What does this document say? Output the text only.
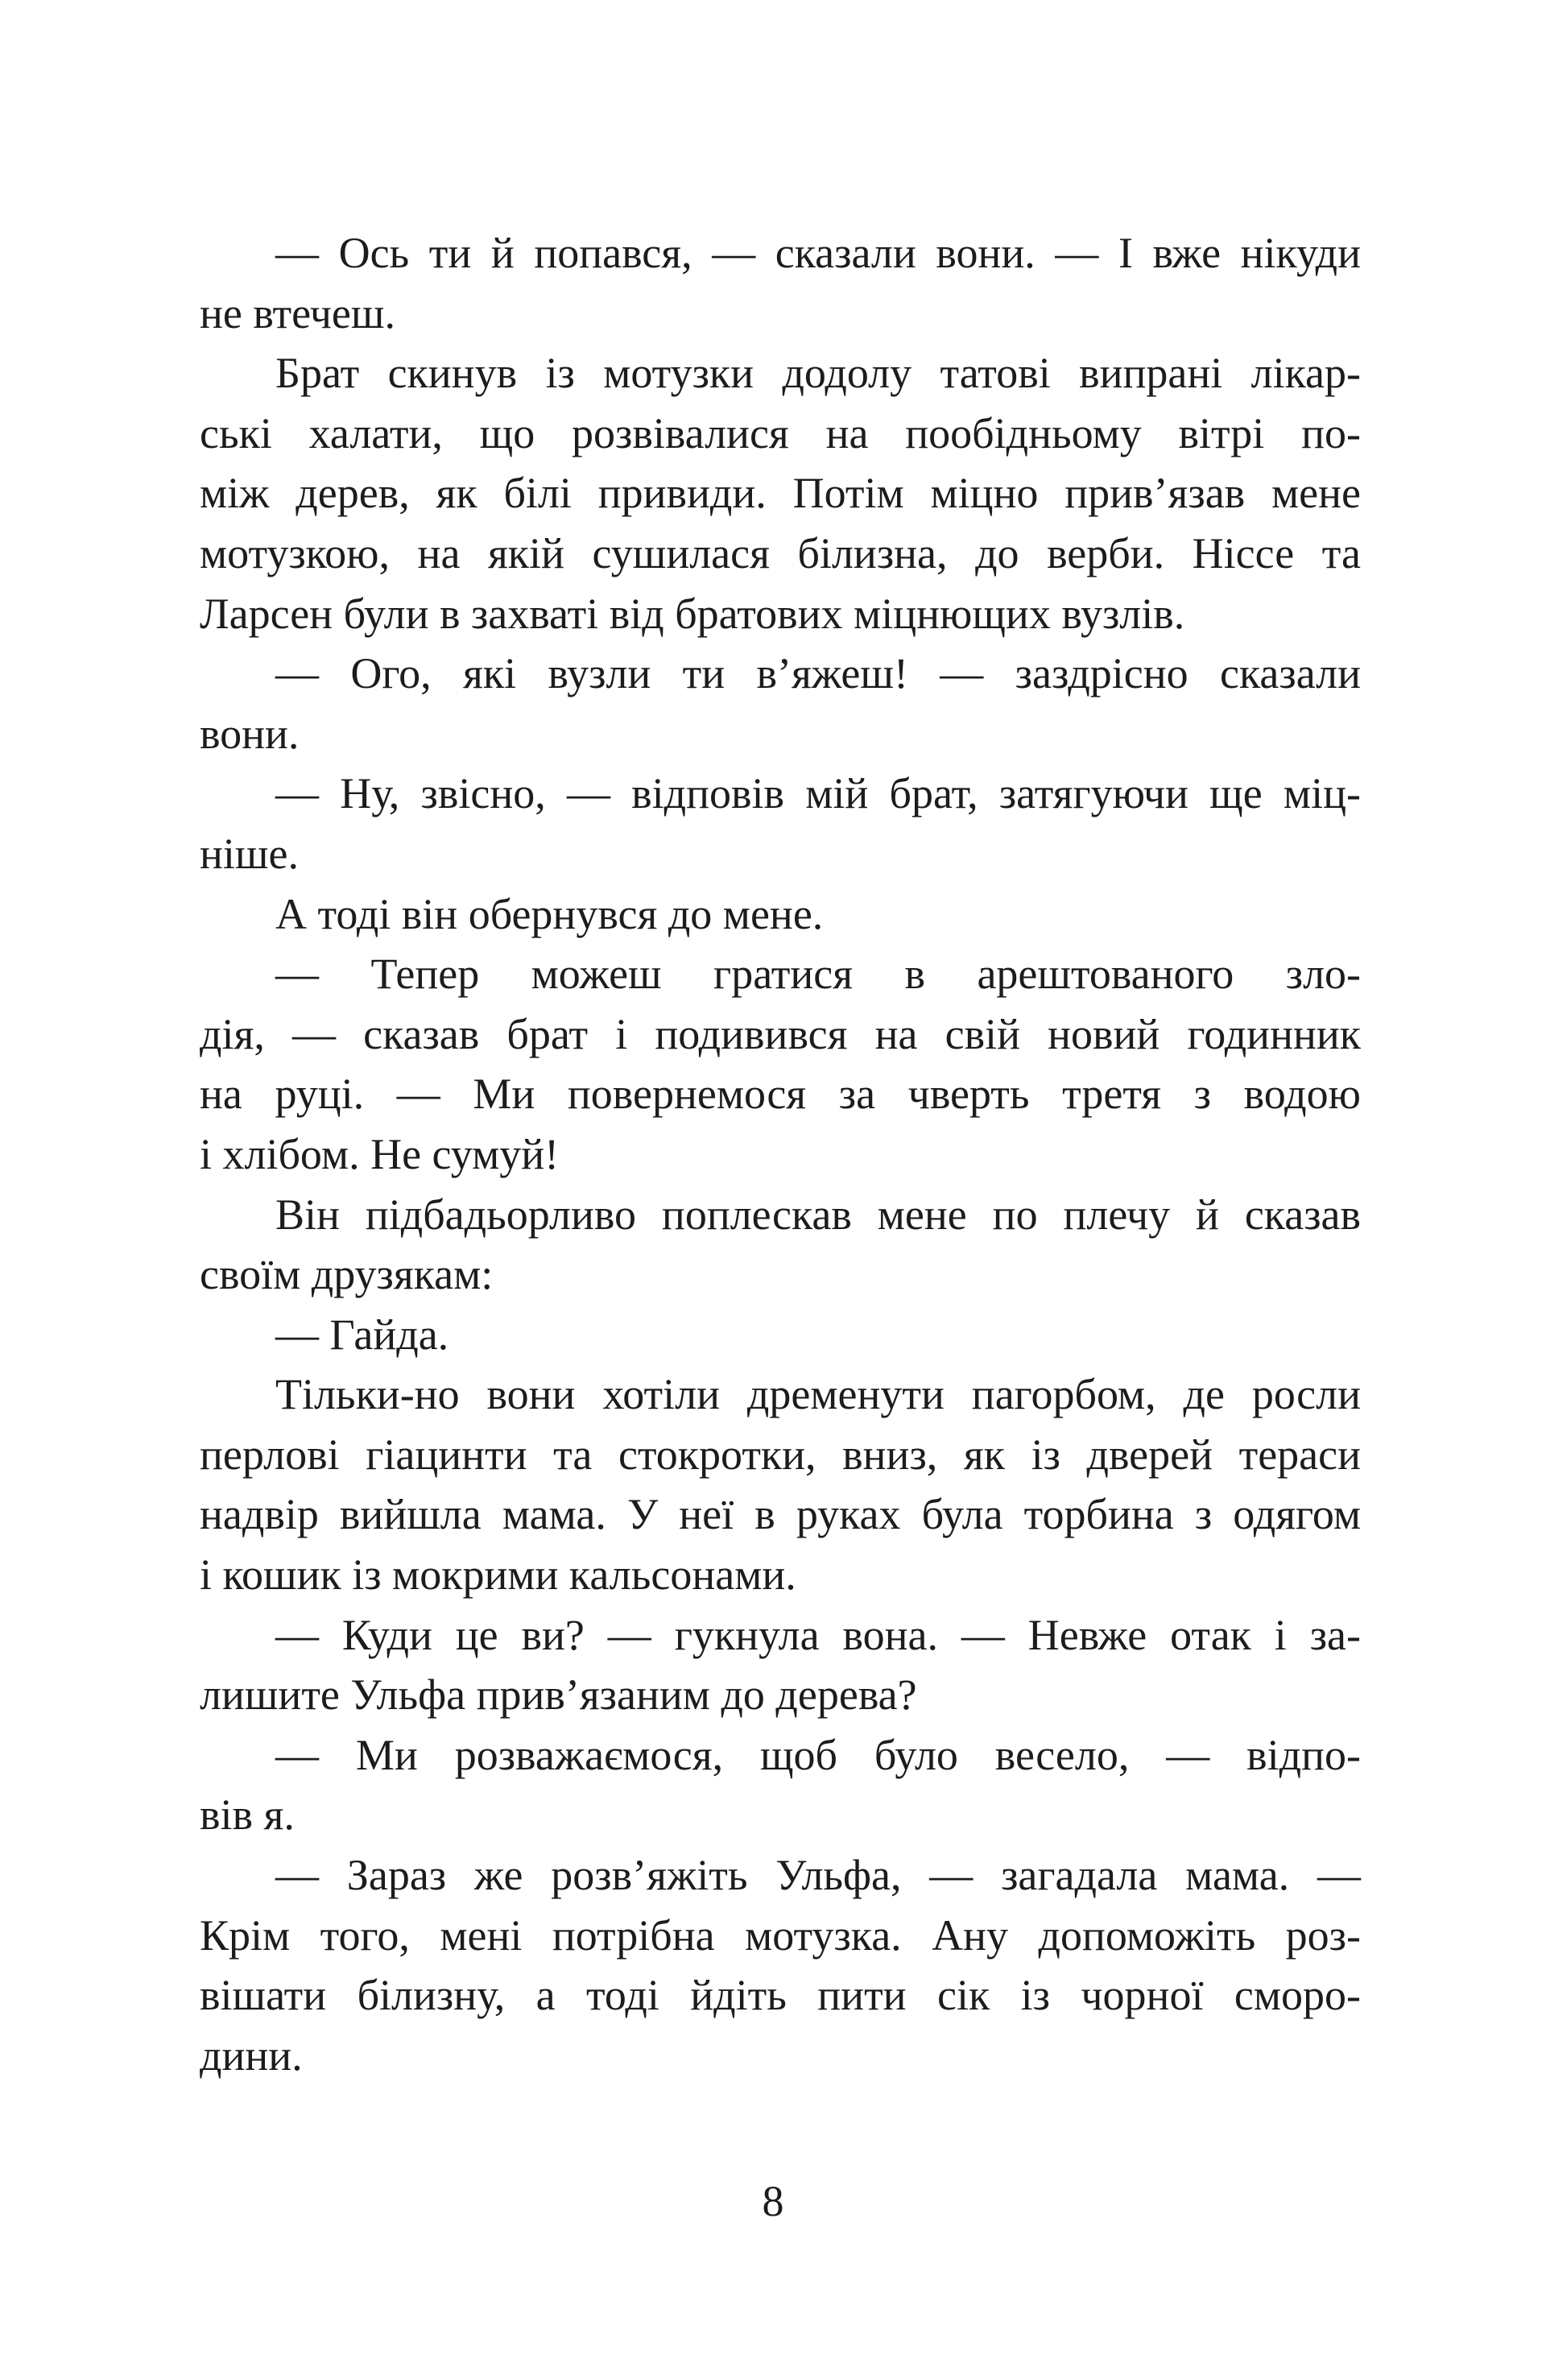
— Ось ти й попався, — сказали вони. — І вже нікуди
не втечеш.
Брат скинув із мотузки додолу татові випрані лікар-
ські халати, що розвівалися на пообідньому вітрі по-
між дерев, як білі привиди. Потім міцно прив’язав мене
мотузкою, на якій сушилася білизна, до верби. Ніссе та
Ларсен були в захваті від братових міцнющих вузлів.
— Ого, які вузли ти в’яжеш! — заздрісно сказали
вони.
— Ну, звісно, — відповів мій брат, затягуючи ще міц-
ніше.
А тоді він обернувся до мене.
— Тепер можеш гратися в арештованого зло-
дія, — сказав брат і подивився на свій новий годинник
на руці. — Ми повернемося за чверть третя з водою
і хлібом. Не сумуй!
Він підбадьорливо поплескав мене по плечу й сказав
своїм друзякам:
— Гайда.
Тільки-но вони хотіли дременути пагорбом, де росли
перлові гіацинти та стокротки, вниз, як із дверей тераси
надвір вийшла мама. У неї в руках була торбина з одягом
і кошик із мокрими кальсонами.
— Куди це ви? — гукнула вона. — Невже отак і за-
лишите Ульфа прив’язаним до дерева?
— Ми розважаємося, щоб було весело, — відпо-
вів я.
— Зараз же розв’яжіть Ульфа, — загадала мама. —
Крім того, мені потрібна мотузка. Ану допоможіть роз-
вішати білизну, а тоді йдіть пити сік із чорної сморо-
дини.
8
